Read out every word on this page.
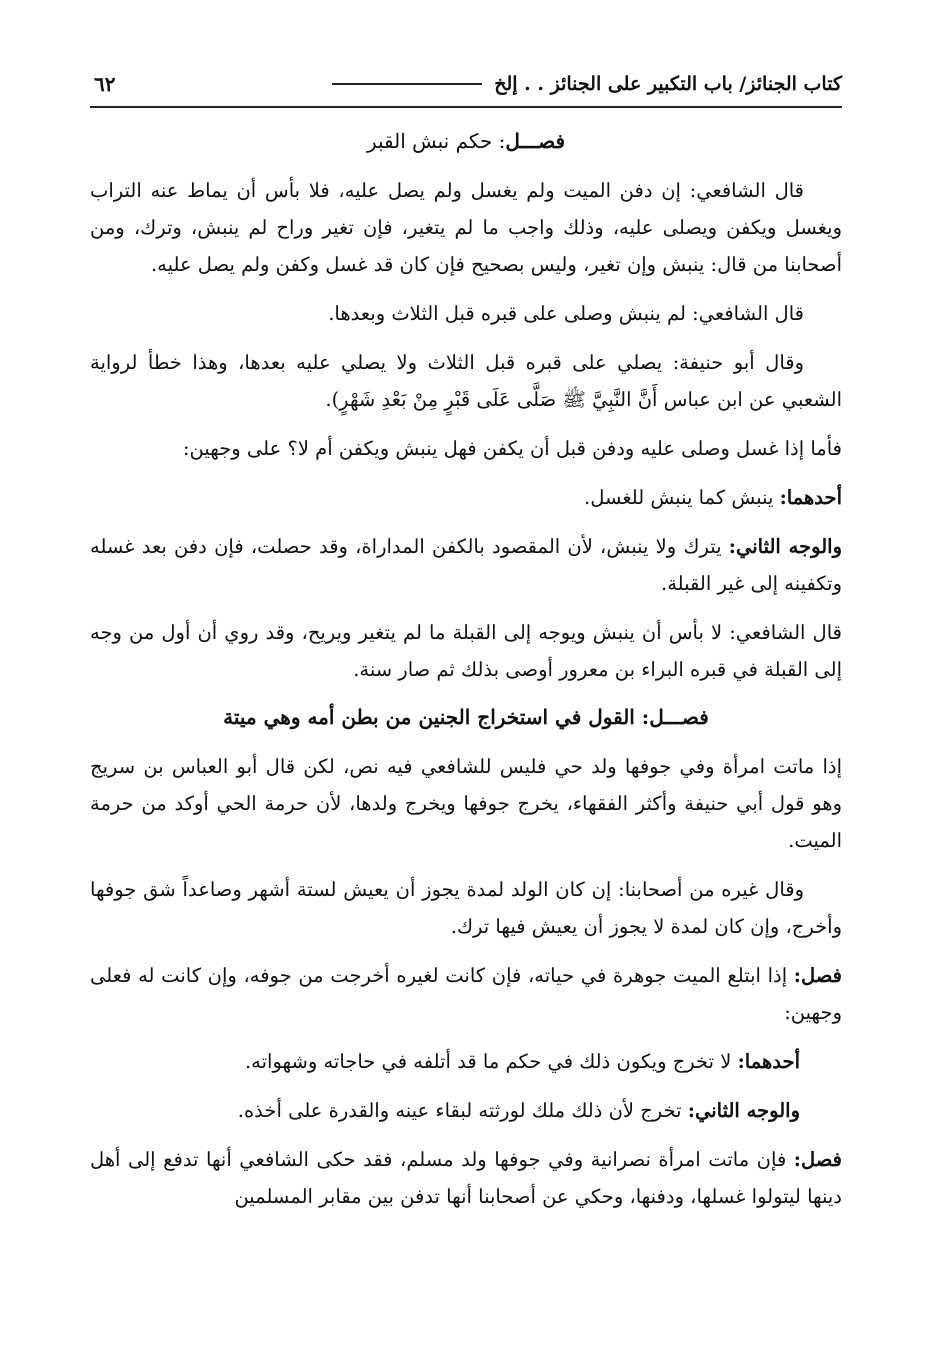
كتاب الجنائز/ باب التكبير على الجنائز . . إلخ
٦٢
فصـــل: حكم نبش القبر

قال الشافعي: إن دفن الميت ولم يغسل ولم يصل عليه، فلا بأس أن يماط عنه التراب ويغسل ويكفن ويصلى عليه، وذلك واجب ما لم يتغير، فإن تغير وراح لم ينبش، وترك، ومن أصحابنا من قال: ينبش وإن تغير، وليس بصحيح فإن كان قد غسل وكفن ولم يصل عليه.

قال الشافعي: لم ينبش وصلى على قبره قبل الثلاث وبعدها.

وقال أبو حنيفة: يصلي على قبره قبل الثلاث ولا يصلي عليه بعدها، وهذا خطأ لرواية الشعبي عن ابن عباس أَنَّ النَّبِيَّ ﷺ صَلَّى عَلَى قَبْرٍ مِنْ بَعْدِ شَهْرٍ).

فأما إذا غسل وصلى عليه ودفن قبل أن يكفن فهل ينبش ويكفن أم لا؟ على وجهين:

أحدهما: ينبش كما ينبش للغسل.

والوجه الثاني: يترك ولا ينبش، لأن المقصود بالكفن المداراة، وقد حصلت، فإن دفن بعد غسله وتكفينه إلى غير القبلة.

قال الشافعي: لا بأس أن ينبش ويوجه إلى القبلة ما لم يتغير ويريح، وقد روي أن أول من وجه إلى القبلة في قبره البراء بن معرور أوصى بذلك ثم صار سنة.

فصـــل: القول في استخراج الجنين من بطن أمه وهي ميتة

إذا ماتت امرأة وفي جوفها ولد حي فليس للشافعي فيه نص، لكن قال أبو العباس بن سريج وهو قول أبي حنيفة وأكثر الفقهاء، يخرج جوفها ويخرج ولدها، لأن حرمة الحي أوكد من حرمة الميت.

وقال غيره من أصحابنا: إن كان الولد لمدة يجوز أن يعيش لستة أشهر وصاعداً شق جوفها وأخرج، وإن كان لمدة لا يجوز أن يعيش فيها ترك.

فصل: إذا ابتلع الميت جوهرة في حياته، فإن كانت لغيره أخرجت من جوفه، وإن كانت له فعلى وجهين:

أحدهما: لا تخرج ويكون ذلك في حكم ما قد أتلفه في حاجاته وشهواته.

والوجه الثاني: تخرج لأن ذلك ملك لورثته لبقاء عينه والقدرة على أخذه.

فصل: فإن ماتت امرأة نصرانية وفي جوفها ولد مسلم، فقد حكى الشافعي أنها تدفع إلى أهل دينها ليتولوا غسلها، ودفنها، وحكي عن أصحابنا أنها تدفن بين مقابر المسلمين
